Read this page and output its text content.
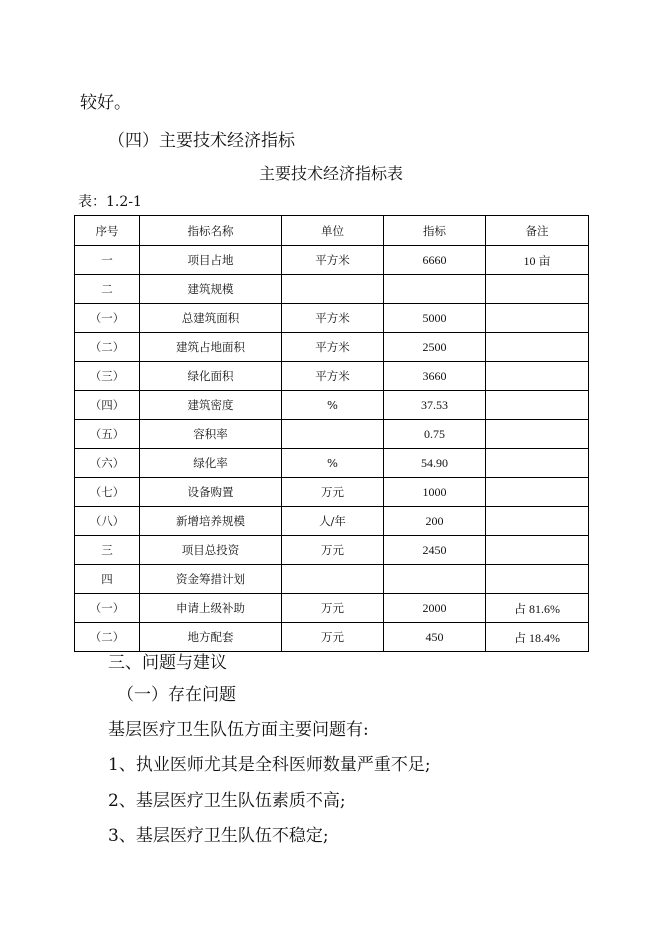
较好。
（四）主要技术经济指标
主要技术经济指标表
表：1.2-1
序号	指标名称	单位	指标	备注
一	项目占地	平方米	6660	10 亩
二	建筑规模			
（一）	总建筑面积	平方米	5000	
（二）	建筑占地面积	平方米	2500	
（三）	绿化面积	平方米	3660	
（四）	建筑密度	%	37.53	
（五）	容积率		0.75	
（六）	绿化率	%	54.90	
（七）	设备购置	万元	1000	
（八）	新增培养规模	人/年	200	
三	项目总投资	万元	2450	
四	资金筹措计划			
（一）	申请上级补助	万元	2000	占 81.6%
（二）	地方配套	万元	450	占 18.4%
三、问题与建议
（一）存在问题
基层医疗卫生队伍方面主要问题有:
1、执业医师尤其是全科医师数量严重不足;
2、基层医疗卫生队伍素质不高;
3、基层医疗卫生队伍不稳定;
